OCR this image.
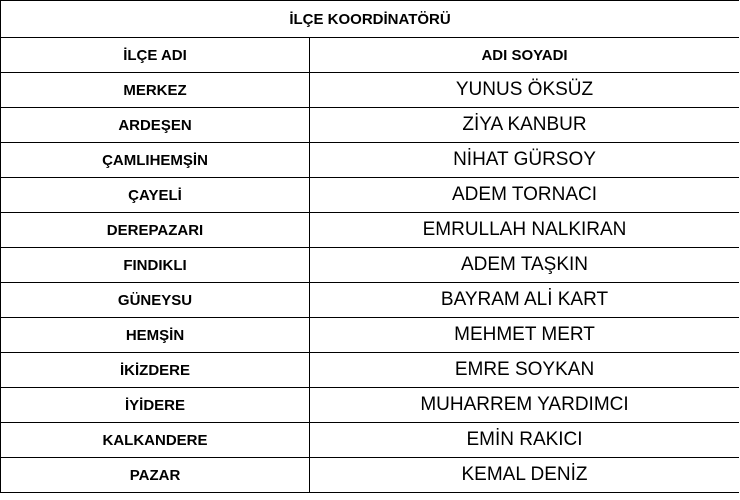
İLÇE KOORDİNATÖRÜ	
İLÇE ADI	ADI SOYADI
MERKEZ	YUNUS ÖKSÜZ
ARDEŞEN	ZİYA KANBUR
ÇAMLIHEMŞİN	NİHAT GÜRSOY
ÇAYELİ	ADEM TORNACI
DEREPAZARI	EMRULLAH NALKIRAN
FINDIKLI	ADEM TAŞKIN
GÜNEYSU	BAYRAM ALİ KART
HEMŞİN	MEHMET MERT
İKİZDERE	EMRE SOYKAN
İYİDERE	MUHARREM YARDIMCI
KALKANDERE	EMİN RAKICI
PAZAR	KEMAL DENİZ
